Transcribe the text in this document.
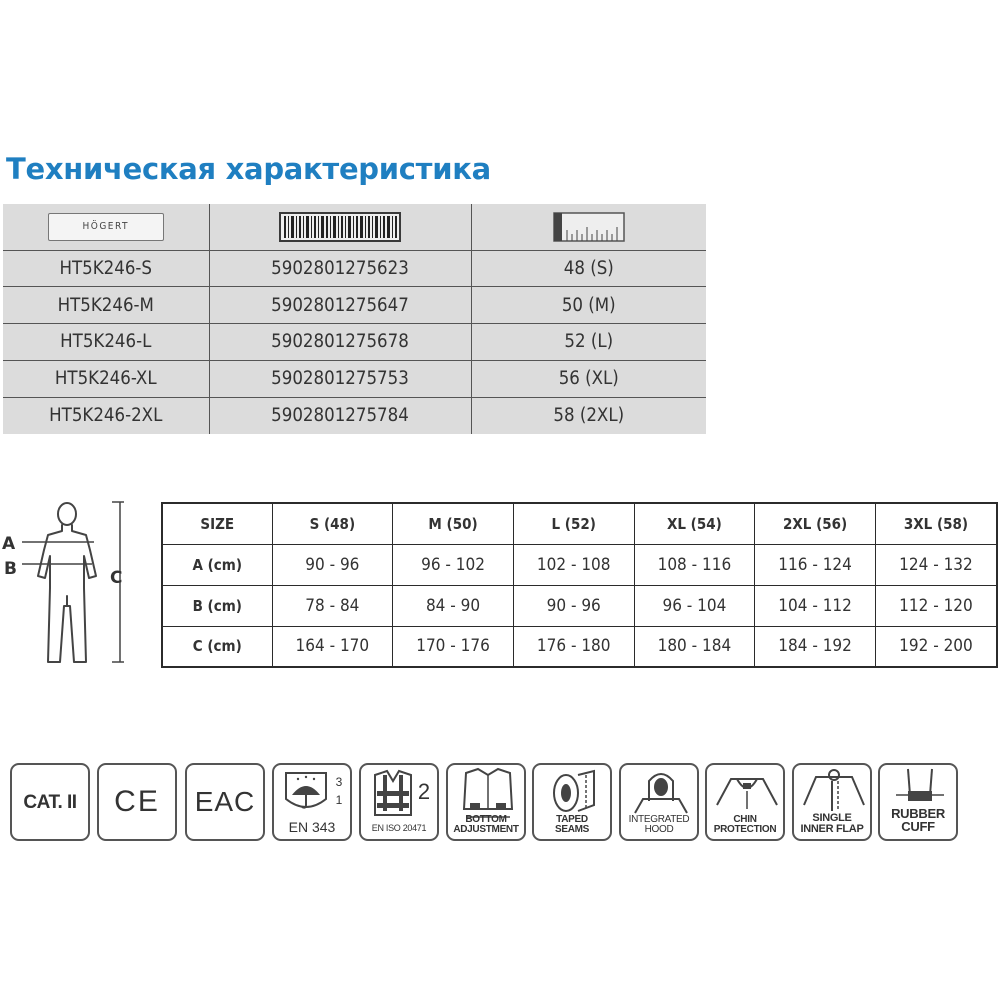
Техническая характеристика
HÖGERT		
HT5K246-S	5902801275623	48 (S)
HT5K246-M	5902801275647	50 (M)
HT5K246-L	5902801275678	52 (L)
HT5K246-XL	5902801275753	56 (XL)
HT5K246-2XL	5902801275784	58 (2XL)
A
B	C
SIZE	S (48)	M (50)	L (52)	XL (54)	2XL (56)	3XL (58)
A (cm)	90 - 96	96 - 102	102 - 108	108 - 116	116 - 124	124 - 132
B (cm)	78 - 84	84 - 90	90 - 96	96 - 104	104 - 112	112 - 120
C (cm)	164 - 170	170 - 176	176 - 180	180 - 184	184 - 192	192 - 200
CAT. II	CE	EAC
3
1
EN 343
2
EN ISO 20471
BOTTOM
ADJUSTMENT
TAPED
SEAMS
INTEGRATED
HOOD
CHIN
PROTECTION
SINGLE
INNER FLAP
RUBBER
CUFF
